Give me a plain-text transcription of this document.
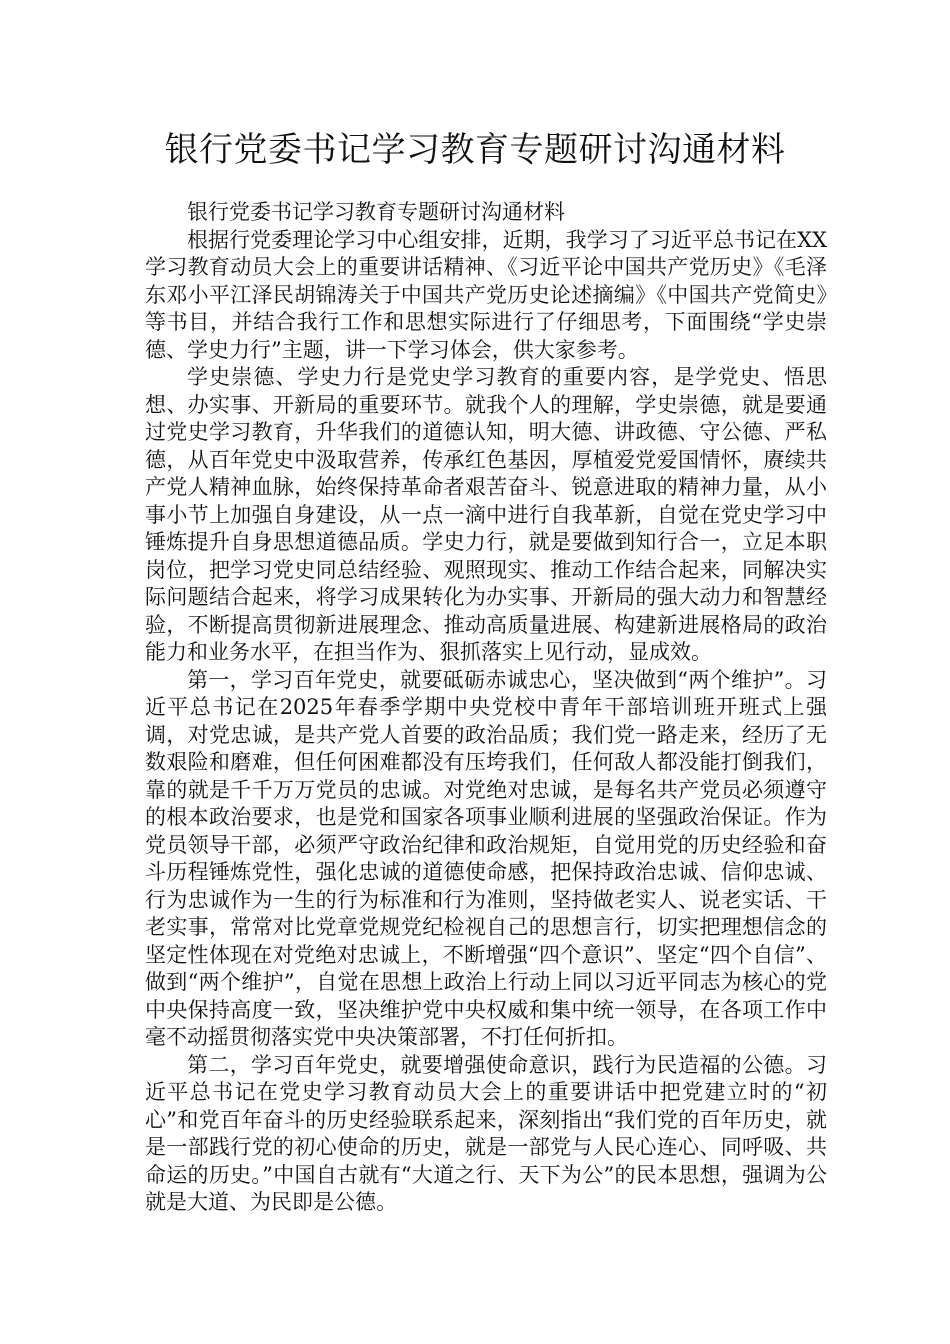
银行党委书记学习教育专题研讨沟通材料

银行党委书记学习教育专题研讨沟通材料

根据行党委理论学习中心组安排，近期，我学习了习近平总书记在XX学习教育动员大会上的重要讲话精神、《习近平论中国共产党历史》《毛泽东邓小平江泽民胡锦涛关于中国共产党历史论述摘编》《中国共产党简史》等书目，并结合我行工作和思想实际进行了仔细思考，下面围绕“学史崇德、学史力行”主题，讲一下学习体会，供大家参考。

学史崇德、学史力行是党史学习教育的重要内容，是学党史、悟思想、办实事、开新局的重要环节。就我个人的理解，学史崇德，就是要通过党史学习教育，升华我们的道德认知，明大德、讲政德、守公德、严私德，从百年党史中汲取营养，传承红色基因，厚植爱党爱国情怀，赓续共产党人精神血脉，始终保持革命者艰苦奋斗、锐意进取的精神力量，从小事小节上加强自身建设，从一点一滴中进行自我革新，自觉在党史学习中锤炼提升自身思想道德品质。学史力行，就是要做到知行合一，立足本职岗位，把学习党史同总结经验、观照现实、推动工作结合起来，同解决实际问题结合起来，将学习成果转化为办实事、开新局的强大动力和智慧经验，不断提高贯彻新进展理念、推动高质量进展、构建新进展格局的政治能力和业务水平，在担当作为、狠抓落实上见行动，显成效。

第一，学习百年党史，就要砥砺赤诚忠心，坚决做到“两个维护”。习近平总书记在2025年春季学期中央党校中青年干部培训班开班式上强调，对党忠诚，是共产党人首要的政治品质；我们党一路走来，经历了无数艰险和磨难，但任何困难都没有压垮我们，任何敌人都没能打倒我们，靠的就是千千万万党员的忠诚。对党绝对忠诚，是每名共产党员必须遵守的根本政治要求，也是党和国家各项事业顺利进展的坚强政治保证。作为党员领导干部，必须严守政治纪律和政治规矩，自觉用党的历史经验和奋斗历程锤炼党性，强化忠诚的道德使命感，把保持政治忠诚、信仰忠诚、行为忠诚作为一生的行为标准和行为准则，坚持做老实人、说老实话、干老实事，常常对比党章党规党纪检视自己的思想言行，切实把理想信念的坚定性体现在对党绝对忠诚上，不断增强“四个意识”、坚定“四个自信”、做到“两个维护”，自觉在思想上政治上行动上同以习近平同志为核心的党中央保持高度一致，坚决维护党中央权威和集中统一领导，在各项工作中毫不动摇贯彻落实党中央决策部署，不打任何折扣。

第二，学习百年党史，就要增强使命意识，践行为民造福的公德。习近平总书记在党史学习教育动员大会上的重要讲话中把党建立时的“初心”和党百年奋斗的历史经验联系起来，深刻指出“我们党的百年历史，就是一部践行党的初心使命的历史，就是一部党与人民心连心、同呼吸、共命运的历史。”中国自古就有“大道之行、天下为公”的民本思想，强调为公就是大道、为民即是公德。
